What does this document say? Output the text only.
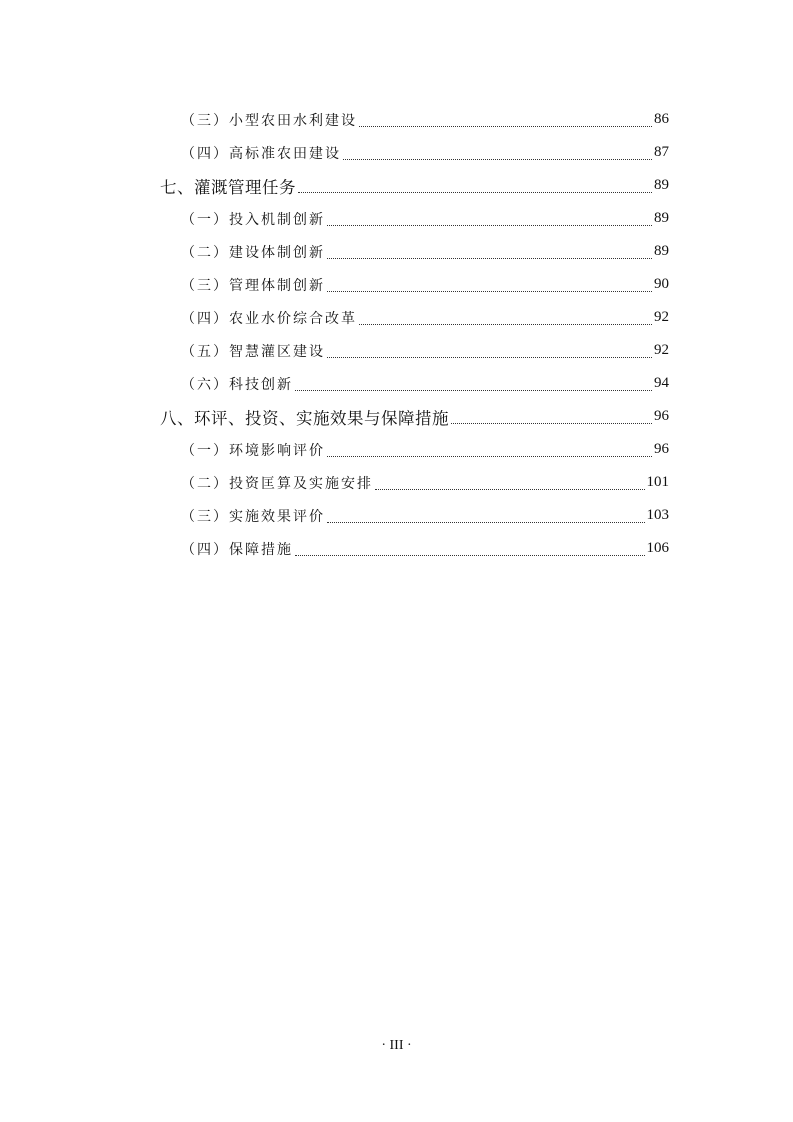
（三）小型农田水利建设	86
（四）高标准农田建设	87
七、灌溉管理任务	89
（一）投入机制创新	89
（二）建设体制创新	89
（三）管理体制创新	90
（四）农业水价综合改革	92
（五）智慧灌区建设	92
（六）科技创新	94
八、环评、投资、实施效果与保障措施	96
（一）环境影响评价	96
（二）投资匡算及实施安排	101
（三）实施效果评价	103
（四）保障措施	106
· III ·
